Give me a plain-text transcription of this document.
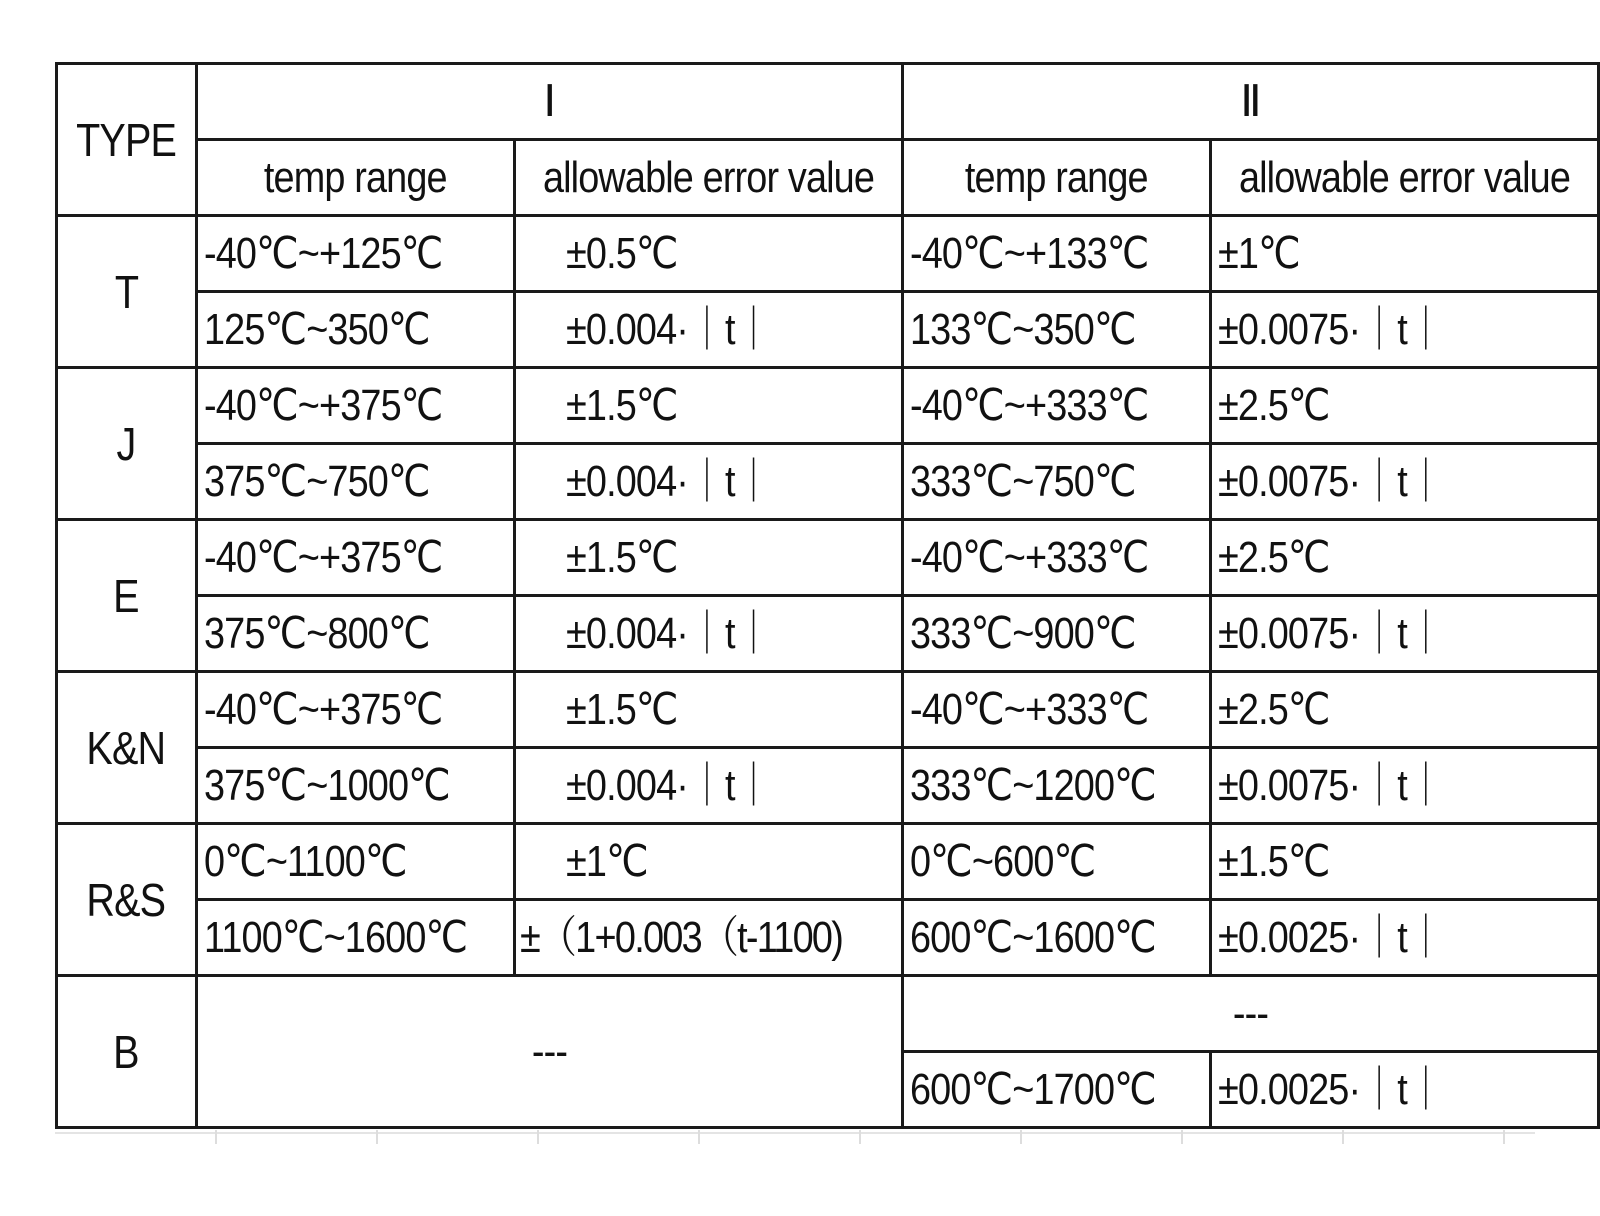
TYPE	Ⅰ		Ⅱ	
	temp range	allowable error value	temp range	allowable error value
T	-40℃~+125℃	±0.5℃	-40℃~+133℃	±1℃
	125℃~350℃	±0.004·｜t｜	133℃~350℃	±0.0075·｜t｜
J	-40℃~+375℃	±1.5℃	-40℃~+333℃	±2.5℃
	375℃~750℃	±0.004·｜t｜	333℃~750℃	±0.0075·｜t｜
E	-40℃~+375℃	±1.5℃	-40℃~+333℃	±2.5℃
	375℃~800℃	±0.004·｜t｜	333℃~900℃	±0.0075·｜t｜
K&N	-40℃~+375℃	±1.5℃	-40℃~+333℃	±2.5℃
	375℃~1000℃	±0.004·｜t｜	333℃~1200℃	±0.0075·｜t｜
R&S	0℃~1100℃	±1℃	0℃~600℃	±1.5℃
	1100℃~1600℃	±（1+0.003（t-1100)	600℃~1600℃	±0.0025·｜t｜
B	---		---	
			600℃~1700℃	±0.0025·｜t｜
